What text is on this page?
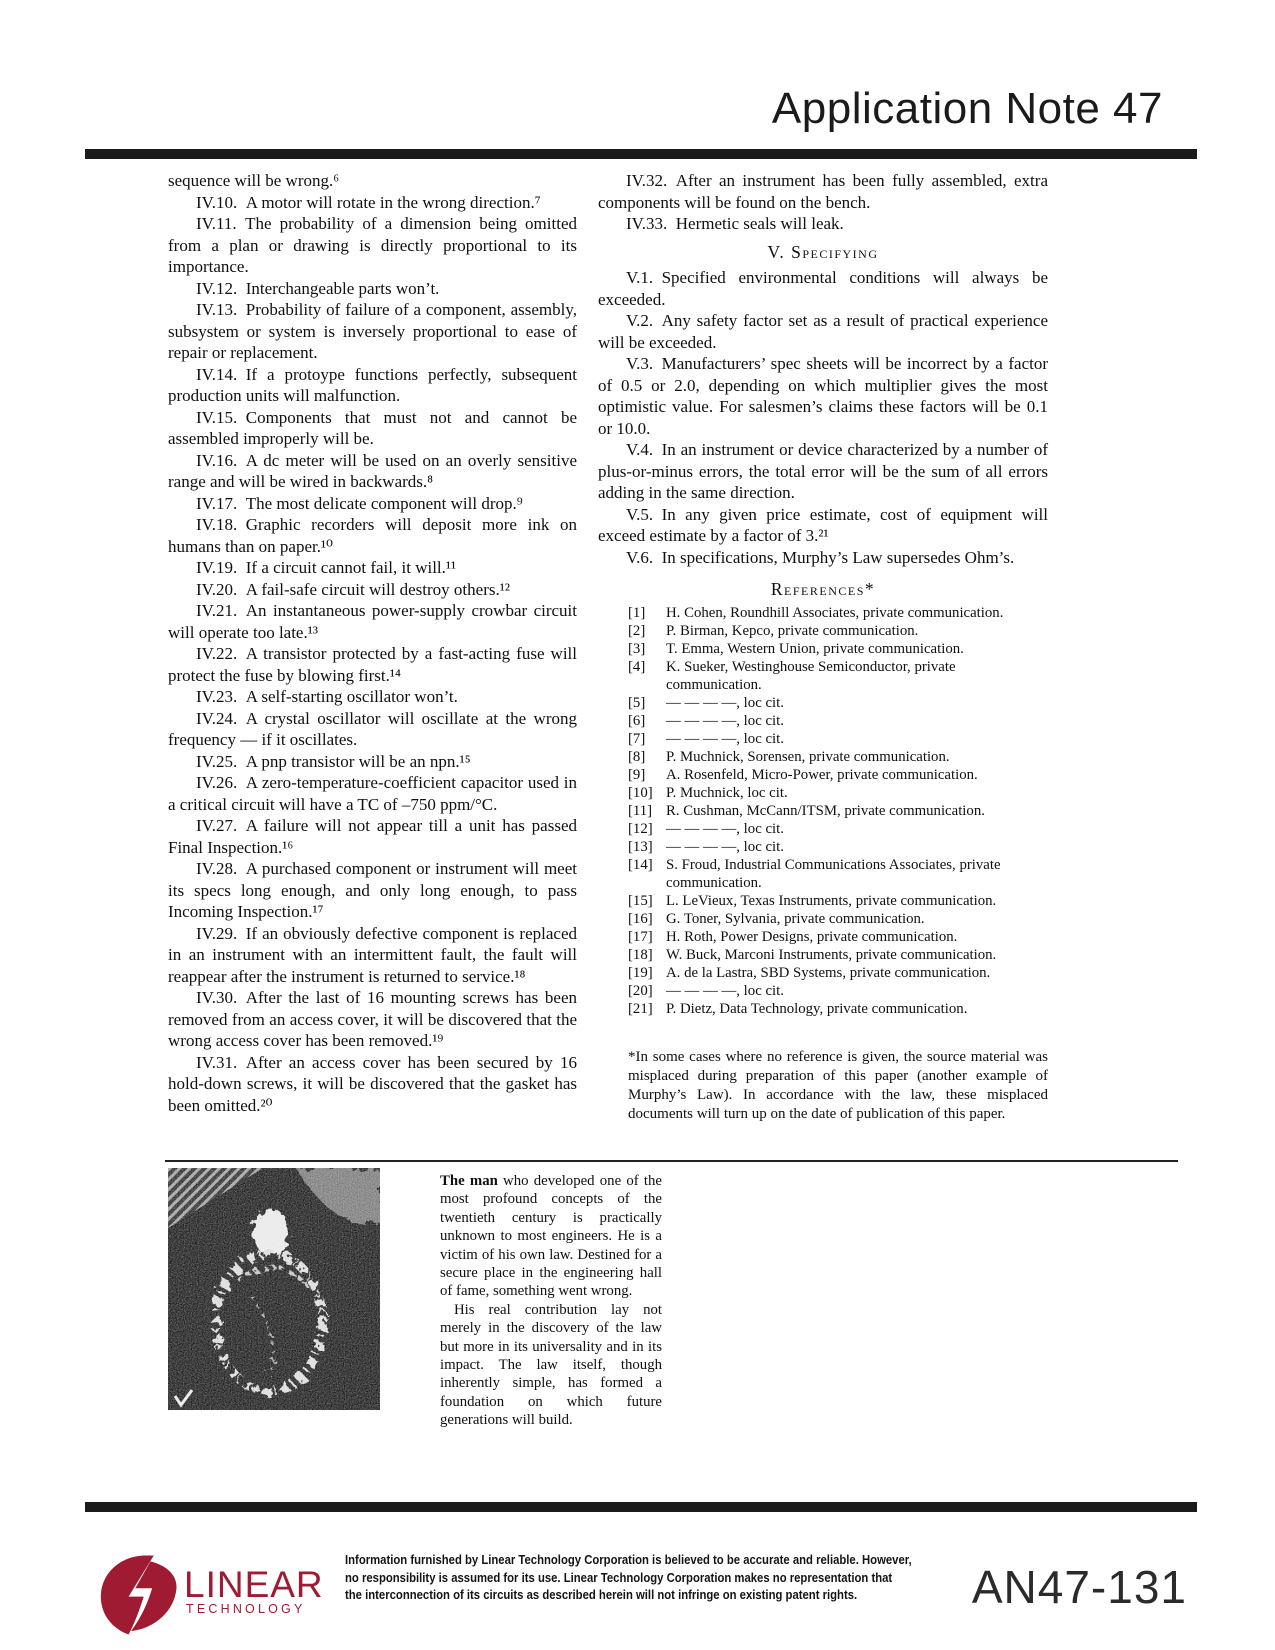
Application Note 47

sequence will be wrong.⁶

IV.10. A motor will rotate in the wrong direction.⁷

IV.11. The probability of a dimension being omitted from a plan or drawing is directly proportional to its importance.

IV.12. Interchangeable parts won’t.

IV.13. Probability of failure of a component, assembly, subsystem or system is inversely proportional to ease of repair or replacement.

IV.14. If a protoype functions perfectly, subsequent production units will malfunction.

IV.15. Components that must not and cannot be assembled improperly will be.

IV.16. A dc meter will be used on an overly sensitive range and will be wired in backwards.⁸

IV.17. The most delicate component will drop.⁹

IV.18. Graphic recorders will deposit more ink on humans than on paper.¹⁰

IV.19. If a circuit cannot fail, it will.¹¹

IV.20. A fail-safe circuit will destroy others.¹²

IV.21. An instantaneous power-supply crowbar circuit will operate too late.¹³

IV.22. A transistor protected by a fast-acting fuse will protect the fuse by blowing first.¹⁴

IV.23. A self-starting oscillator won’t.

IV.24. A crystal oscillator will oscillate at the wrong frequency — if it oscillates.

IV.25. A pnp transistor will be an npn.¹⁵

IV.26. A zero-temperature-coefficient capacitor used in a critical circuit will have a TC of –750 ppm/°C.

IV.27. A failure will not appear till a unit has passed Final Inspection.¹⁶

IV.28. A purchased component or instrument will meet its specs long enough, and only long enough, to pass Incoming Inspection.¹⁷

IV.29. If an obviously defective component is replaced in an instrument with an intermittent fault, the fault will reappear after the instrument is returned to service.¹⁸

IV.30. After the last of 16 mounting screws has been removed from an access cover, it will be discovered that the wrong access cover has been removed.¹⁹

IV.31. After an access cover has been secured by 16 hold-down screws, it will be discovered that the gasket has been omitted.²⁰

IV.32. After an instrument has been fully assembled, extra components will be found on the bench.

IV.33. Hermetic seals will leak.

V. Specifying

V.1. Specified environmental conditions will always be exceeded.

V.2. Any safety factor set as a result of practical experience will be exceeded.

V.3. Manufacturers’ spec sheets will be incorrect by a factor of 0.5 or 2.0, depending on which multiplier gives the most optimistic value. For salesmen’s claims these factors will be 0.1 or 10.0.

V.4. In an instrument or device characterized by a number of plus-or-minus errors, the total error will be the sum of all errors adding in the same direction.

V.5. In any given price estimate, cost of equipment will exceed estimate by a factor of 3.²¹

V.6. In specifications, Murphy’s Law supersedes Ohm’s.

References*

[1]	H. Cohen, Roundhill Associates, private communication.
[2]	P. Birman, Kepco, private communication.
[3]	T. Emma, Western Union, private communication.
[4]	K. Sueker, Westinghouse Semiconductor, private communication.
[5]	— — — —, loc cit.
[6]	— — — —, loc cit.
[7]	— — — —, loc cit.
[8]	P. Muchnick, Sorensen, private communication.
[9]	A. Rosenfeld, Micro-Power, private communication.
[10] P. Muchnick, loc cit.
[11] R. Cushman, McCann/ITSM, private communication.
[12] — — — —, loc cit.
[13] — — — —, loc cit.
[14] S. Froud, Industrial Communications Associates, private communication.
[15] L. LeVieux, Texas Instruments, private communication.
[16] G. Toner, Sylvania, private communication.
[17] H. Roth, Power Designs, private communication.
[18] W. Buck, Marconi Instruments, private communication.
[19] A. de la Lastra, SBD Systems, private communication.
[20] — — — —, loc cit.
[21] P. Dietz, Data Technology, private communication.

*In some cases where no reference is given, the source material was misplaced during preparation of this paper (another example of Murphy’s Law). In accordance with the law, these misplaced documents will turn up on the date of publication of this paper.

The man who developed one of the most profound concepts of the twentieth century is practically unknown to most engineers. He is a victim of his own law. Destined for a secure place in the engineering hall of fame, something went wrong.

His real contribution lay not merely in the discovery of the law but more in its universality and in its impact. The law itself, though inherently simple, has formed a foundation on which future generations will build.

LINEAR
TECHNOLOGY
Information furnished by Linear Technology Corporation is believed to be accurate and reliable. However,
no responsibility is assumed for its use. Linear Technology Corporation makes no representation that
the interconnection of its circuits as described herein will not infringe on existing patent rights.	AN47-131
